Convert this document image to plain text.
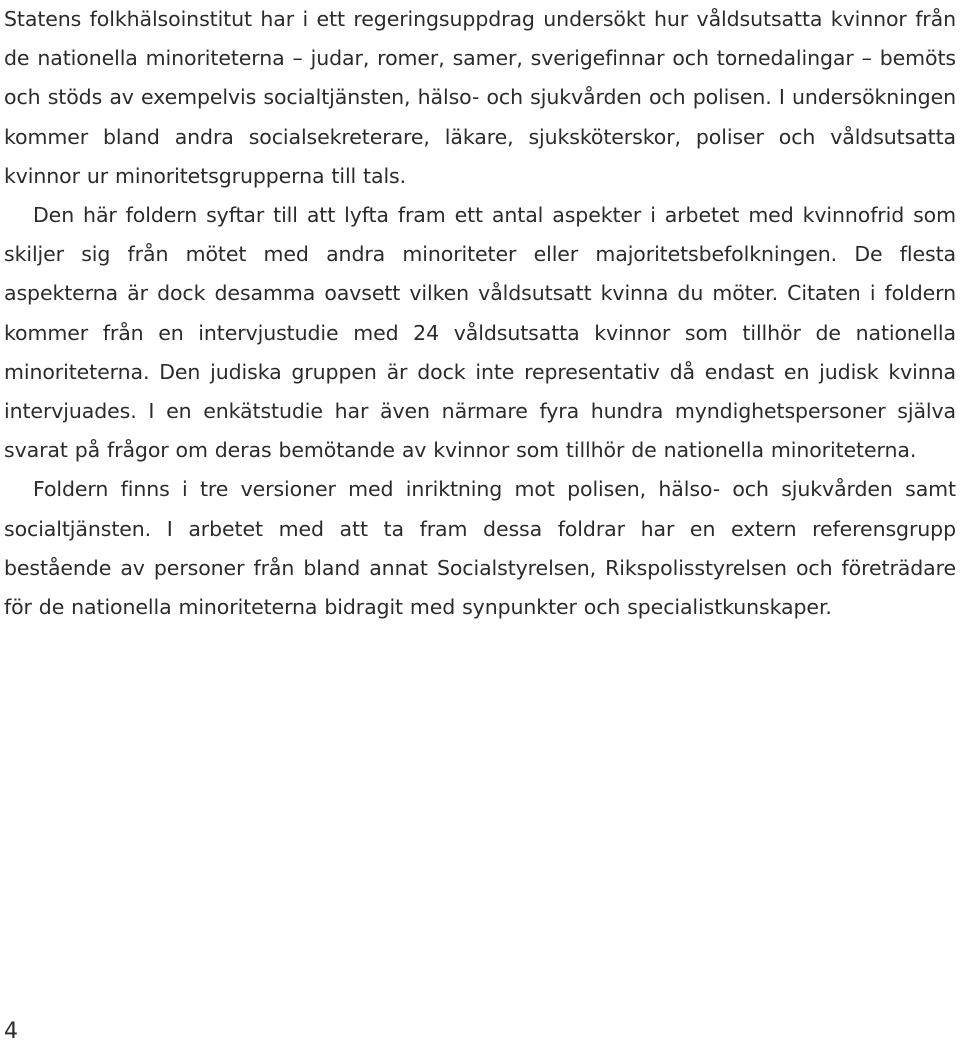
Statens folkhälsoinstitut har i ett regeringsuppdrag undersökt hur våldsutsatta kvinnor från de nationella minoriteterna – judar, romer, samer, sverigefinnar och tornedalingar – bemöts och stöds av exempelvis socialtjänsten, hälso- och sjukvården och polisen. I undersökningen kommer bland andra socialsekreterare, läkare, sjuksköterskor, poliser och våldsutsatta kvinnor ur minoritetsgrupperna till tals.

Den här foldern syftar till att lyfta fram ett antal aspekter i arbetet med kvinnofrid som skiljer sig från mötet med andra minoriteter eller majoritetsbefolkningen. De flesta aspekterna är dock desamma oavsett vilken våldsutsatt kvinna du möter. Citaten i foldern kommer från en intervjustudie med 24 våldsutsatta kvinnor som tillhör de nationella minoriteterna. Den judiska gruppen är dock inte representativ då endast en judisk kvinna intervjuades. I en enkätstudie har även närmare fyra hundra myndighetspersoner själva svarat på frågor om deras bemötande av kvinnor som tillhör de nationella minoriteterna.

Foldern finns i tre versioner med inriktning mot polisen, hälso- och sjukvården samt socialtjänsten. I arbetet med att ta fram dessa foldrar har en extern referensgrupp bestående av personer från bland annat Socialstyrelsen, Rikspolisstyrelsen och företrädare för de nationella minoriteterna bidragit med synpunkter och specialistkunskaper.

4
